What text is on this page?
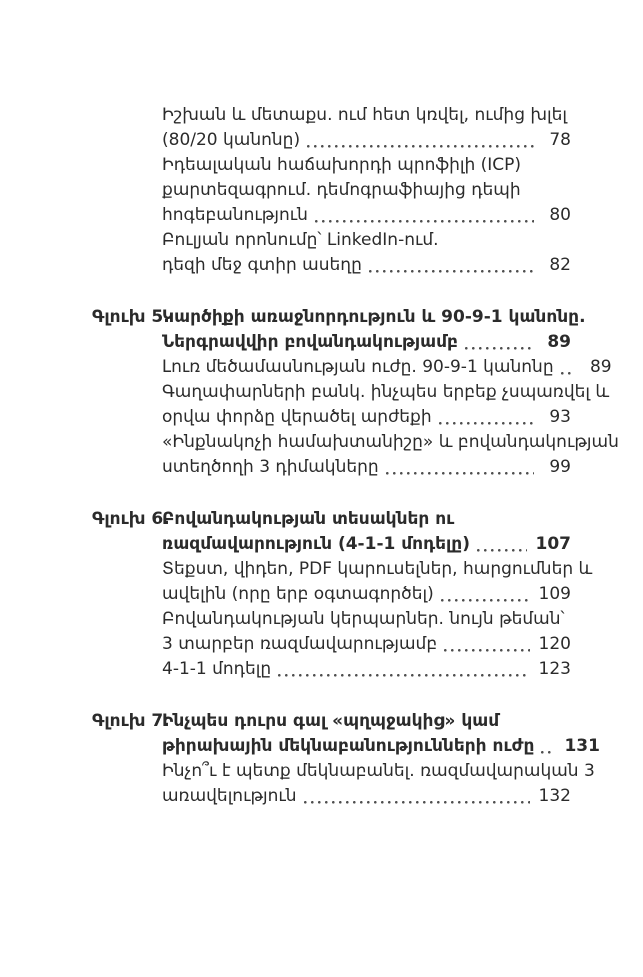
Իշխան և մետաքս. ում հետ կռվել, ումից խլել
(80/20 կանոնը)	78
Իդեալական հաճախորդի պրոֆիլի (ICP)
քարտեզագրում. դեմոգրաֆիայից դեպի
հոգեբանություն	80
Բուլյան որոնումը՝ LinkedIn-ում.
դեզի մեջ գտիր ասեղը	82
Գլուխ 5.
Կարծիքի առաջնորդություն և 90-9-1 կանոնը.
Ներգրավվիր բովանդակությամբ	89
Լուռ մեծամասնության ուժը. 90-9-1 կանոնը	89
Գաղափարների բանկ. ինչպես երբեք չսպառվել և
օրվա փորձը վերածել արժեքի	93
«Ինքնակոչի համախտանիշը» և բովանդակության
ստեղծողի 3 դիմակները	99
Գլուխ 6.
Բովանդակության տեսակներ ու
ռազմավարություն (4-1-1 մոդելը)	107
Տեքստ, վիդեո, PDF կարուսելներ, հարցումներ և
ավելին (որը երբ օգտագործել)	109
Բովանդակության կերպարներ. նույն թեման՝
3 տարբեր ռազմավարությամբ	120
4-1-1 մոդելը	123
Գլուխ 7.
Ինչպես դուրս գալ «պղպջակից» կամ
թիրախային մեկնաբանությունների ուժը 131
Ինչո՞ւ է պետք մեկնաբանել. ռազմավարական 3
առավելություն	132
